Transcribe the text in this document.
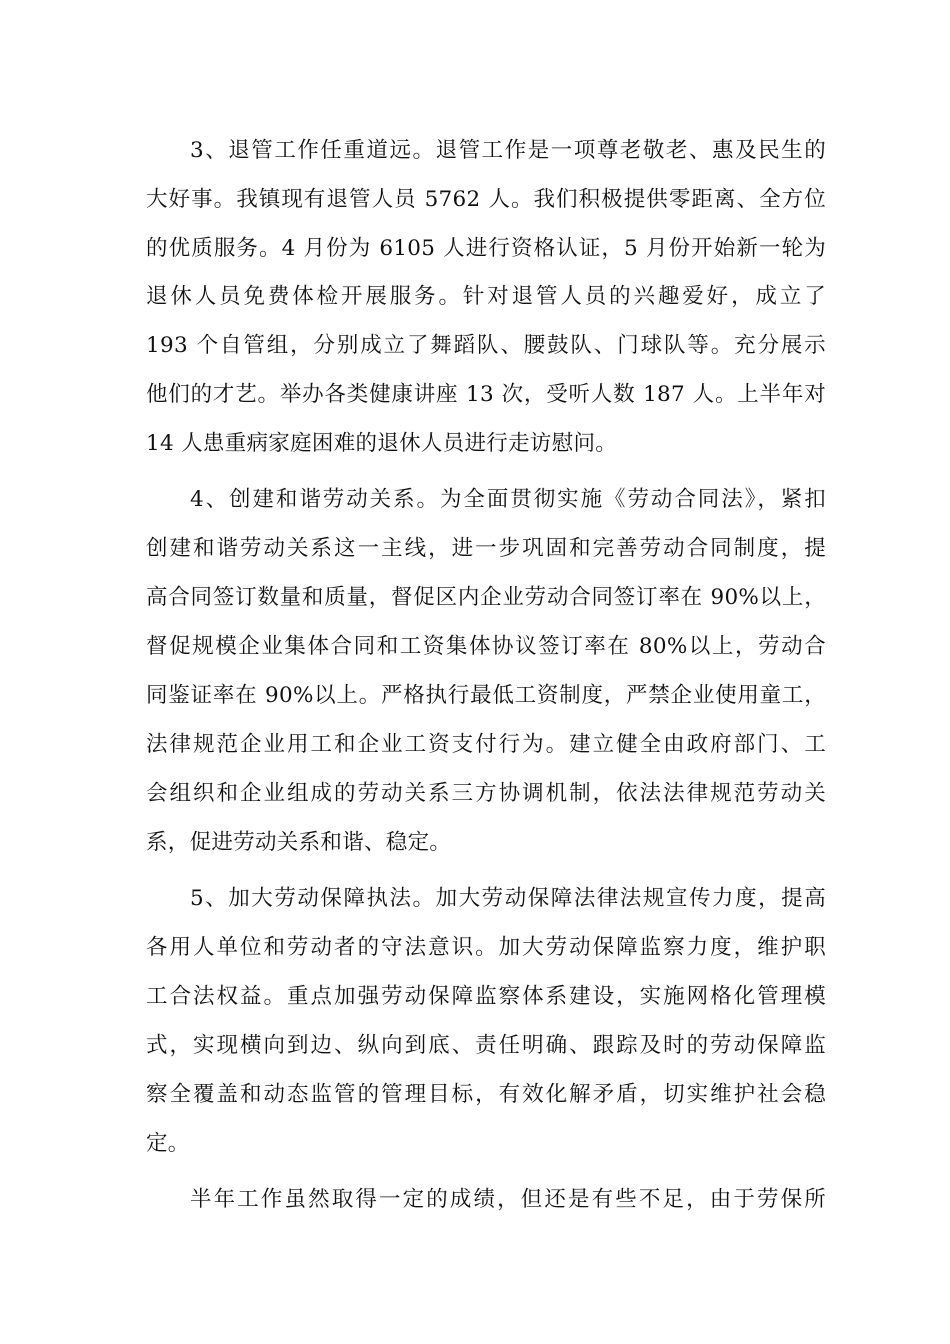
3、退管工作任重道远。退管工作是一项尊老敬老、惠及民生的
大好事。我镇现有退管人员 5762 人。我们积极提供零距离、全方位
的优质服务。4 月份为 6105 人进行资格认证，5 月份开始新一轮为
退休人员免费体检开展服务。针对退管人员的兴趣爱好，成立了
193 个自管组，分别成立了舞蹈队、腰鼓队、门球队等。充分展示
他们的才艺。举办各类健康讲座 13 次，受听人数 187 人。上半年对
14 人患重病家庭困难的退休人员进行走访慰问。
4、创建和谐劳动关系。为全面贯彻实施《劳动合同法》，紧扣
创建和谐劳动关系这一主线，进一步巩固和完善劳动合同制度，提
高合同签订数量和质量，督促区内企业劳动合同签订率在 90%以上，
督促规模企业集体合同和工资集体协议签订率在 80%以上，劳动合
同鉴证率在 90%以上。严格执行最低工资制度，严禁企业使用童工，
法律规范企业用工和企业工资支付行为。建立健全由政府部门、工
会组织和企业组成的劳动关系三方协调机制，依法法律规范劳动关
系，促进劳动关系和谐、稳定。
5、加大劳动保障执法。加大劳动保障法律法规宣传力度，提高
各用人单位和劳动者的守法意识。加大劳动保障监察力度，维护职
工合法权益。重点加强劳动保障监察体系建设，实施网格化管理模
式，实现横向到边、纵向到底、责任明确、跟踪及时的劳动保障监
察全覆盖和动态监管的管理目标，有效化解矛盾，切实维护社会稳
定。
半年工作虽然取得一定的成绩，但还是有些不足，由于劳保所
